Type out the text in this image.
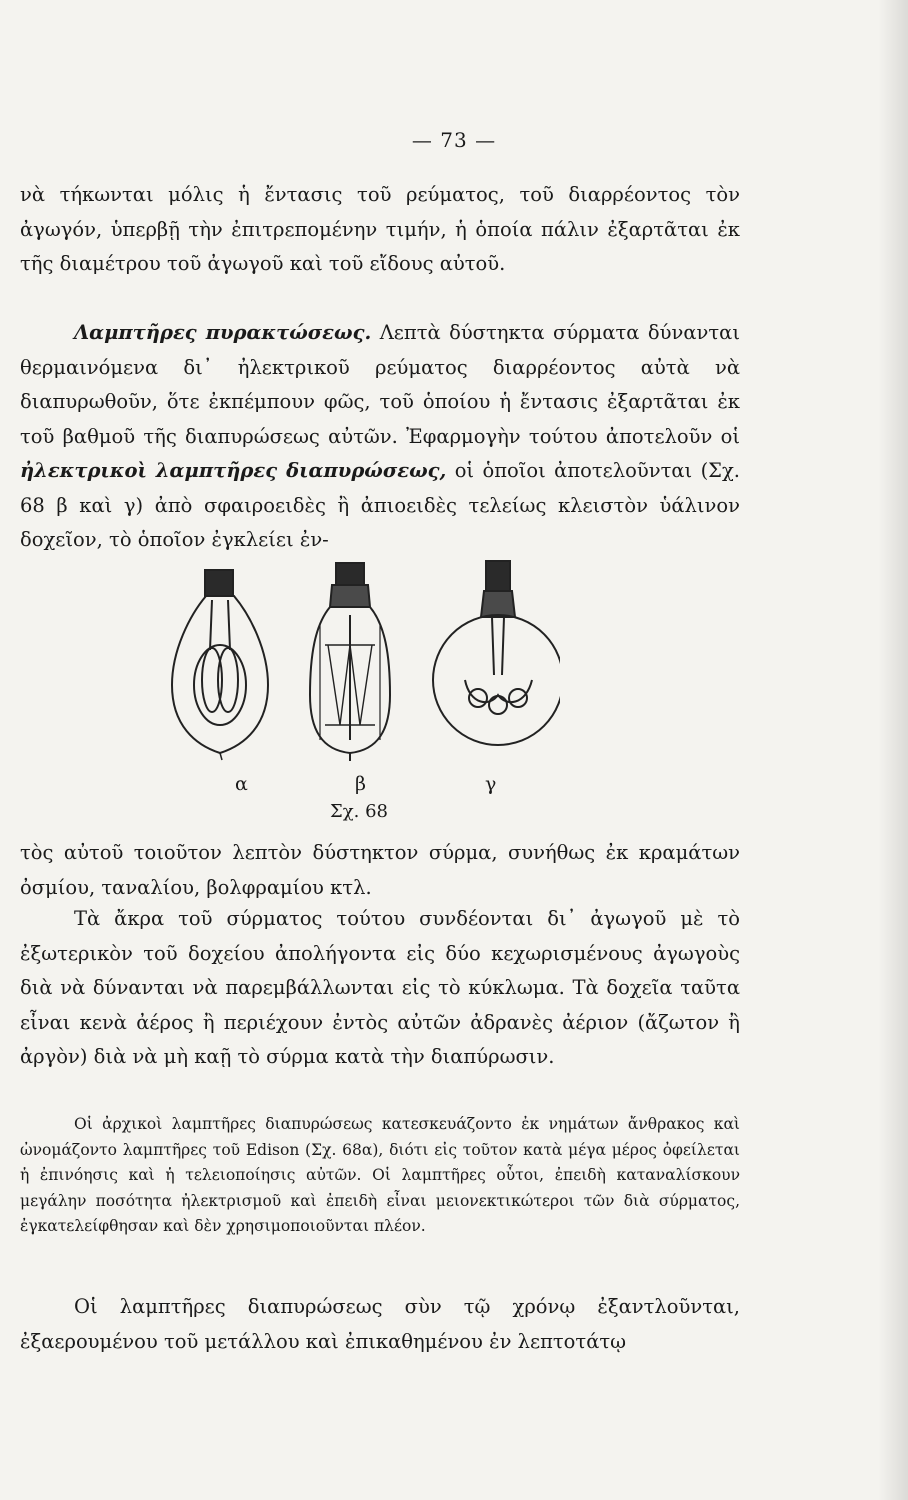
— 73 —

νὰ τήκωνται μόλις ἡ ἔντασις τοῦ ρεύματος, τοῦ διαρρέοντος τὸν ἀγωγόν, ὑπερβῇ τὴν ἐπιτρεπομένην τιμήν, ἡ ὁποία πάλιν ἐξαρτᾶται ἐκ τῆς διαμέτρου τοῦ ἀγωγοῦ καὶ τοῦ εἴδους αὐτοῦ.

Λαμπτῆρες πυρακτώσεως. Λεπτὰ δύστηκτα σύρματα δύνανται θερμαινόμενα δι᾿ ἠλεκτρικοῦ ρεύματος διαρρέοντος αὐτὰ νὰ διαπυρωθοῦν, ὅτε ἐκπέμπουν φῶς, τοῦ ὁποίου ἡ ἔντασις ἐξαρτᾶται ἐκ τοῦ βαθμοῦ τῆς διαπυρώσεως αὐτῶν. Ἐφαρμογὴν τούτου ἀποτελοῦν οἱ ἠλεκτρικοὶ λαμπτῆρες διαπυρώσεως, οἱ ὁποῖοι ἀποτελοῦνται (Σχ. 68 β καὶ γ) ἀπὸ σφαιροειδὲς ἢ ἀπιοειδὲς τελείως κλειστὸν ὑάλινον δοχεῖον, τὸ ὁποῖον ἐγκλείει ἐν-

α	β	γ
Σχ. 68

τὸς αὐτοῦ τοιοῦτον λεπτὸν δύστηκτον σύρμα, συνήθως ἐκ κραμάτων ὀσμίου, ταναλίου, βολφραμίου κτλ.

Τὰ ἄκρα τοῦ σύρματος τούτου συνδέονται δι᾿ ἀγωγοῦ μὲ τὸ ἐξωτερικὸν τοῦ δοχείου ἀπολήγοντα εἰς δύο κεχωρισμένους ἀγωγοὺς διὰ νὰ δύνανται νὰ παρεμβάλλωνται εἰς τὸ κύκλωμα. Τὰ δοχεῖα ταῦτα εἶναι κενὰ ἀέρος ἢ περιέχουν ἐντὸς αὐτῶν ἀδρανὲς ἀέριον (ἄζωτον ἢ ἀργὸν) διὰ νὰ μὴ καῇ τὸ σύρμα κατὰ τὴν διαπύρωσιν.

Οἱ ἀρχικοὶ λαμπτῆρες διαπυρώσεως κατεσκευάζοντο ἐκ νημάτων ἄνθρακος καὶ ὠνομάζοντο λαμπτῆρες τοῦ Edison (Σχ. 68α), διότι εἰς τοῦτον κατὰ μέγα μέρος ὀφείλεται ἡ ἐπινόησις καὶ ἡ τελειοποίησις αὐτῶν. Οἱ λαμπτῆρες οὗτοι, ἐπειδὴ καταναλίσκουν μεγάλην ποσότητα ἠλεκτρισμοῦ καὶ ἐπειδὴ εἶναι μειονεκτικώτεροι τῶν διὰ σύρματος, ἐγκατελείφθησαν καὶ δὲν χρησιμοποιοῦνται πλέον.

Οἱ λαμπτῆρες διαπυρώσεως σὺν τῷ χρόνῳ ἐξαντλοῦνται, ἐξαερουμένου τοῦ μετάλλου καὶ ἐπικαθημένου ἐν λεπτοτάτῳ
